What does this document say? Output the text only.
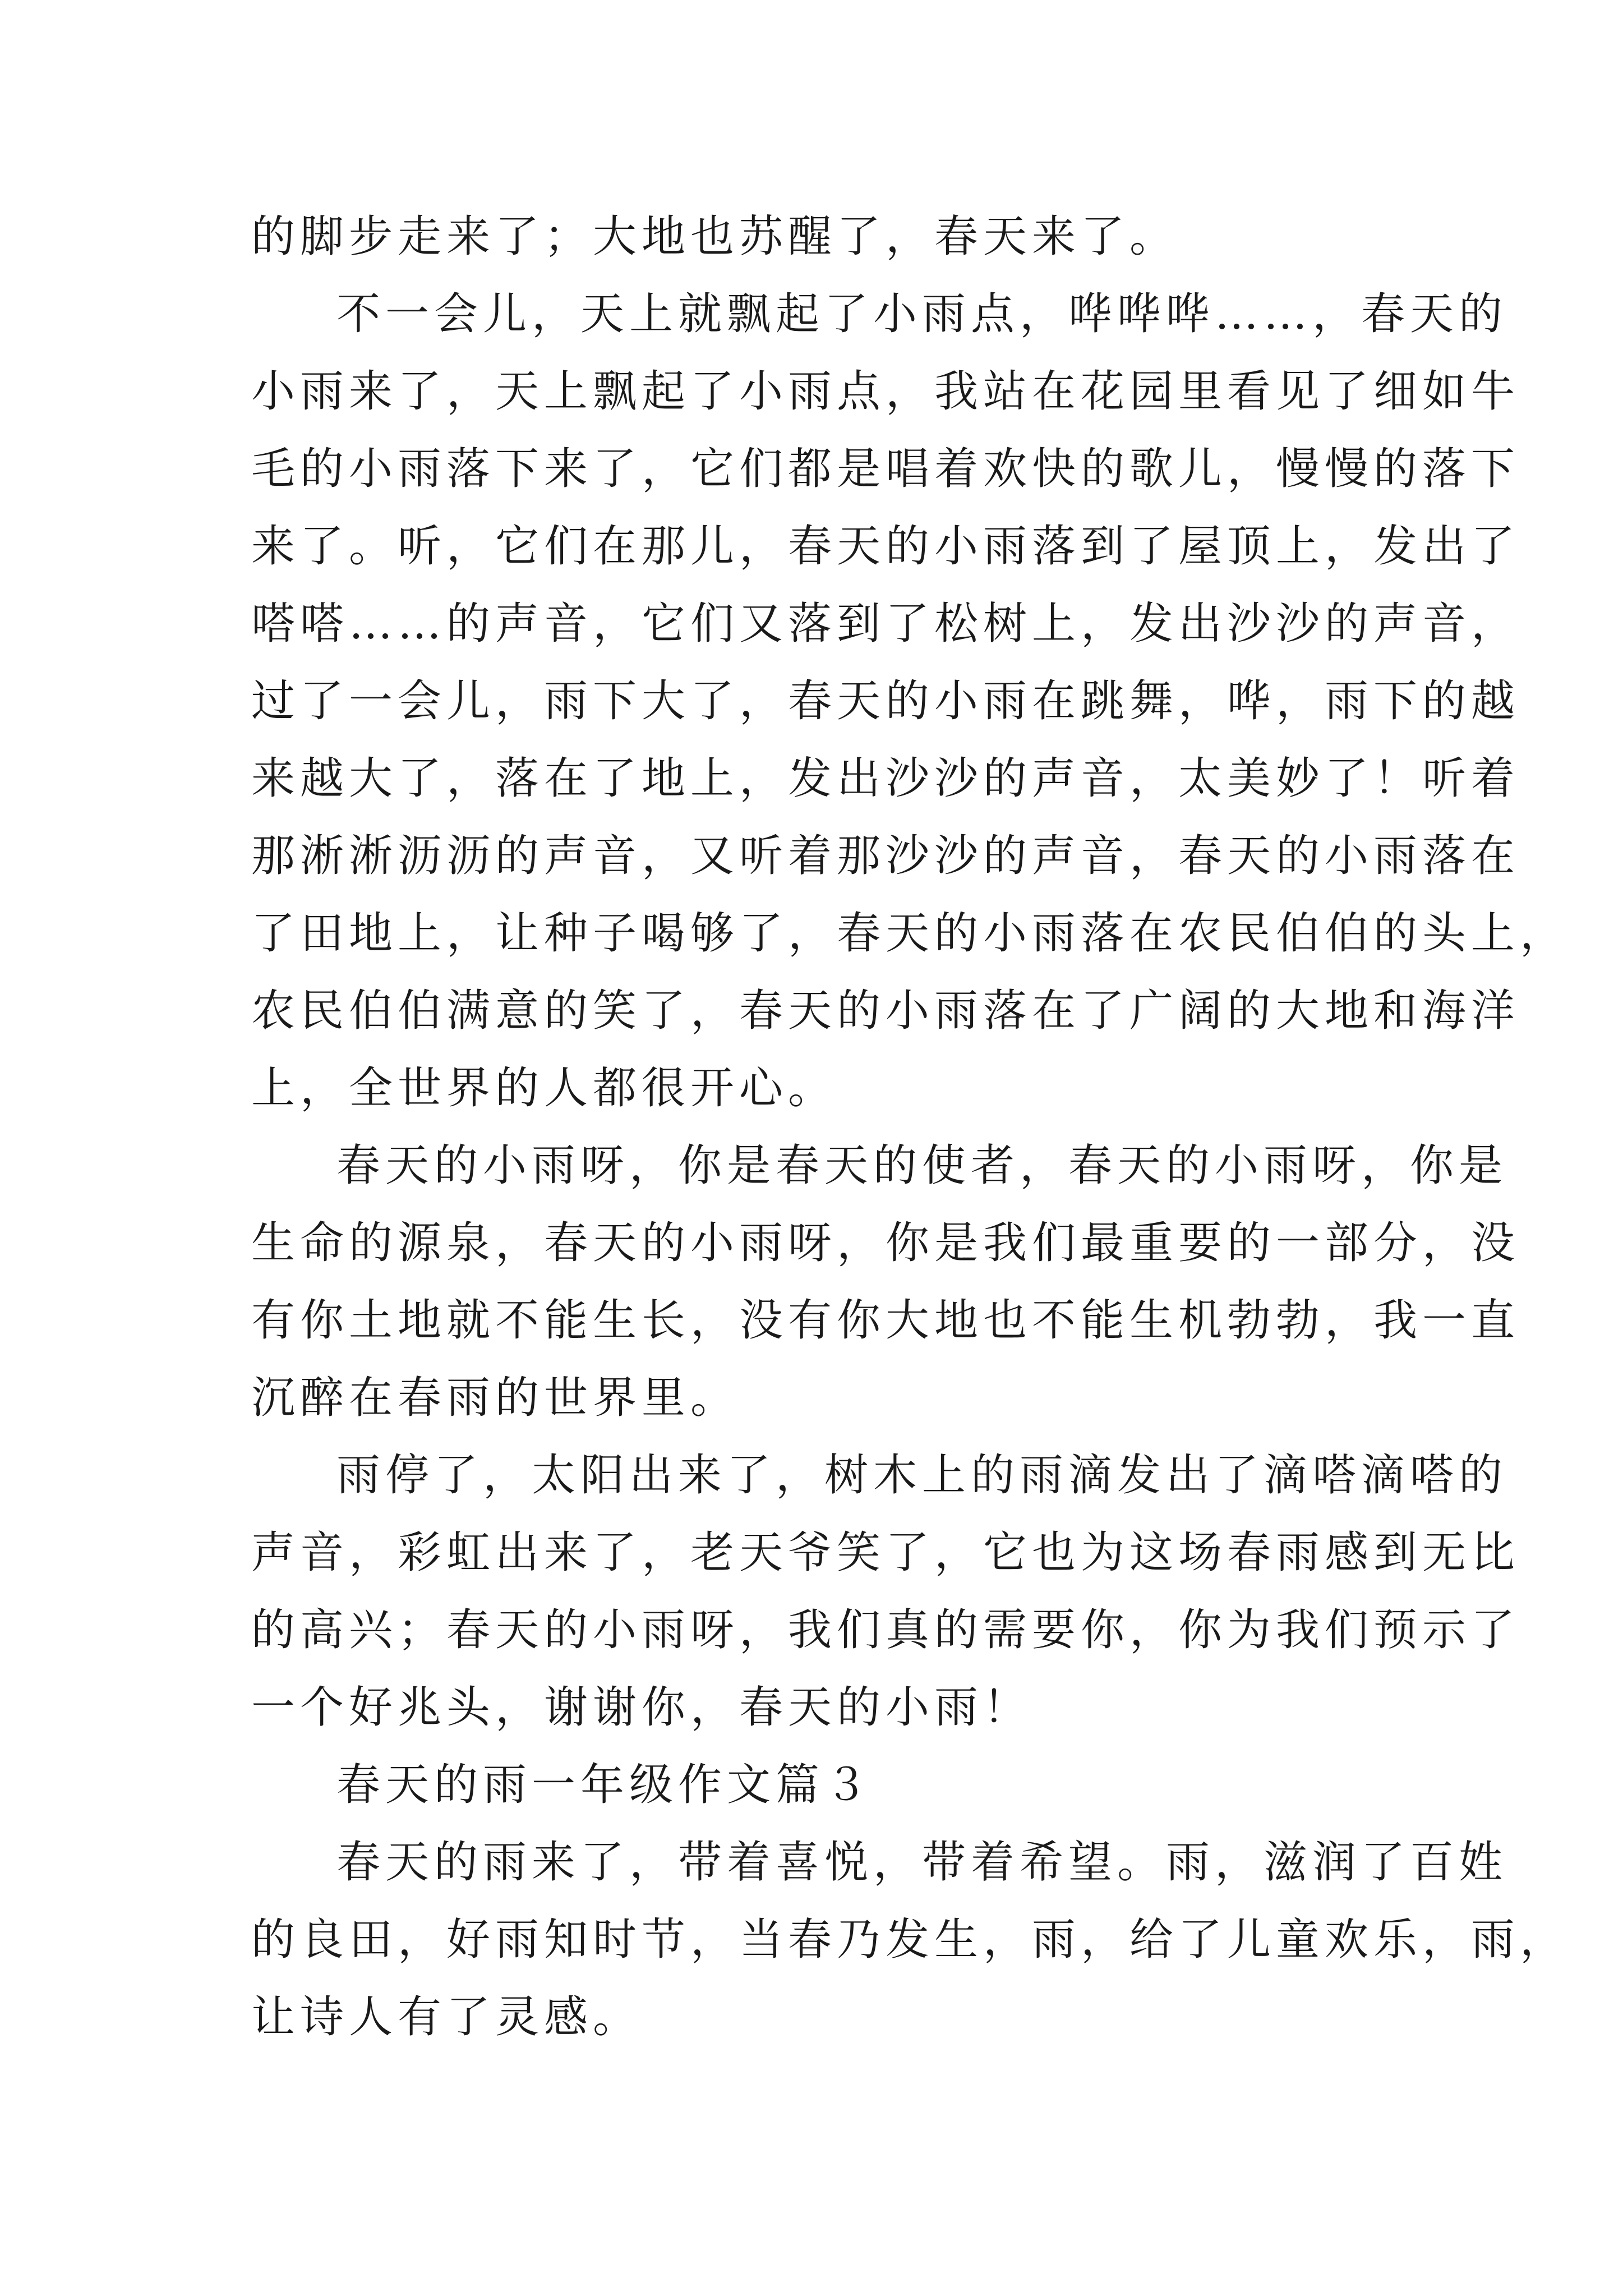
的脚步走来了；大地也苏醒了，春天来了。
不一会儿，天上就飘起了小雨点，哗哗哗……，春天的
小雨来了，天上飘起了小雨点，我站在花园里看见了细如牛
毛的小雨落下来了，它们都是唱着欢快的歌儿，慢慢的落下
来了。听，它们在那儿，春天的小雨落到了屋顶上，发出了
嗒嗒……的声音，它们又落到了松树上，发出沙沙的声音，
过了一会儿，雨下大了，春天的小雨在跳舞，哗，雨下的越
来越大了，落在了地上，发出沙沙的声音，太美妙了！听着
那淅淅沥沥的声音，又听着那沙沙的声音，春天的小雨落在
了田地上，让种子喝够了，春天的小雨落在农民伯伯的头上，
农民伯伯满意的笑了，春天的小雨落在了广阔的大地和海洋
上，全世界的人都很开心。
春天的小雨呀，你是春天的使者，春天的小雨呀，你是
生命的源泉，春天的小雨呀，你是我们最重要的一部分，没
有你土地就不能生长，没有你大地也不能生机勃勃，我一直
沉醉在春雨的世界里。
雨停了，太阳出来了，树木上的雨滴发出了滴嗒滴嗒的
声音，彩虹出来了，老天爷笑了，它也为这场春雨感到无比
的高兴；春天的小雨呀，我们真的需要你，你为我们预示了
一个好兆头，谢谢你，春天的小雨！
春天的雨一年级作文篇３
春天的雨来了，带着喜悦，带着希望。雨，滋润了百姓
的良田，好雨知时节，当春乃发生，雨，给了儿童欢乐，雨，
让诗人有了灵感。
